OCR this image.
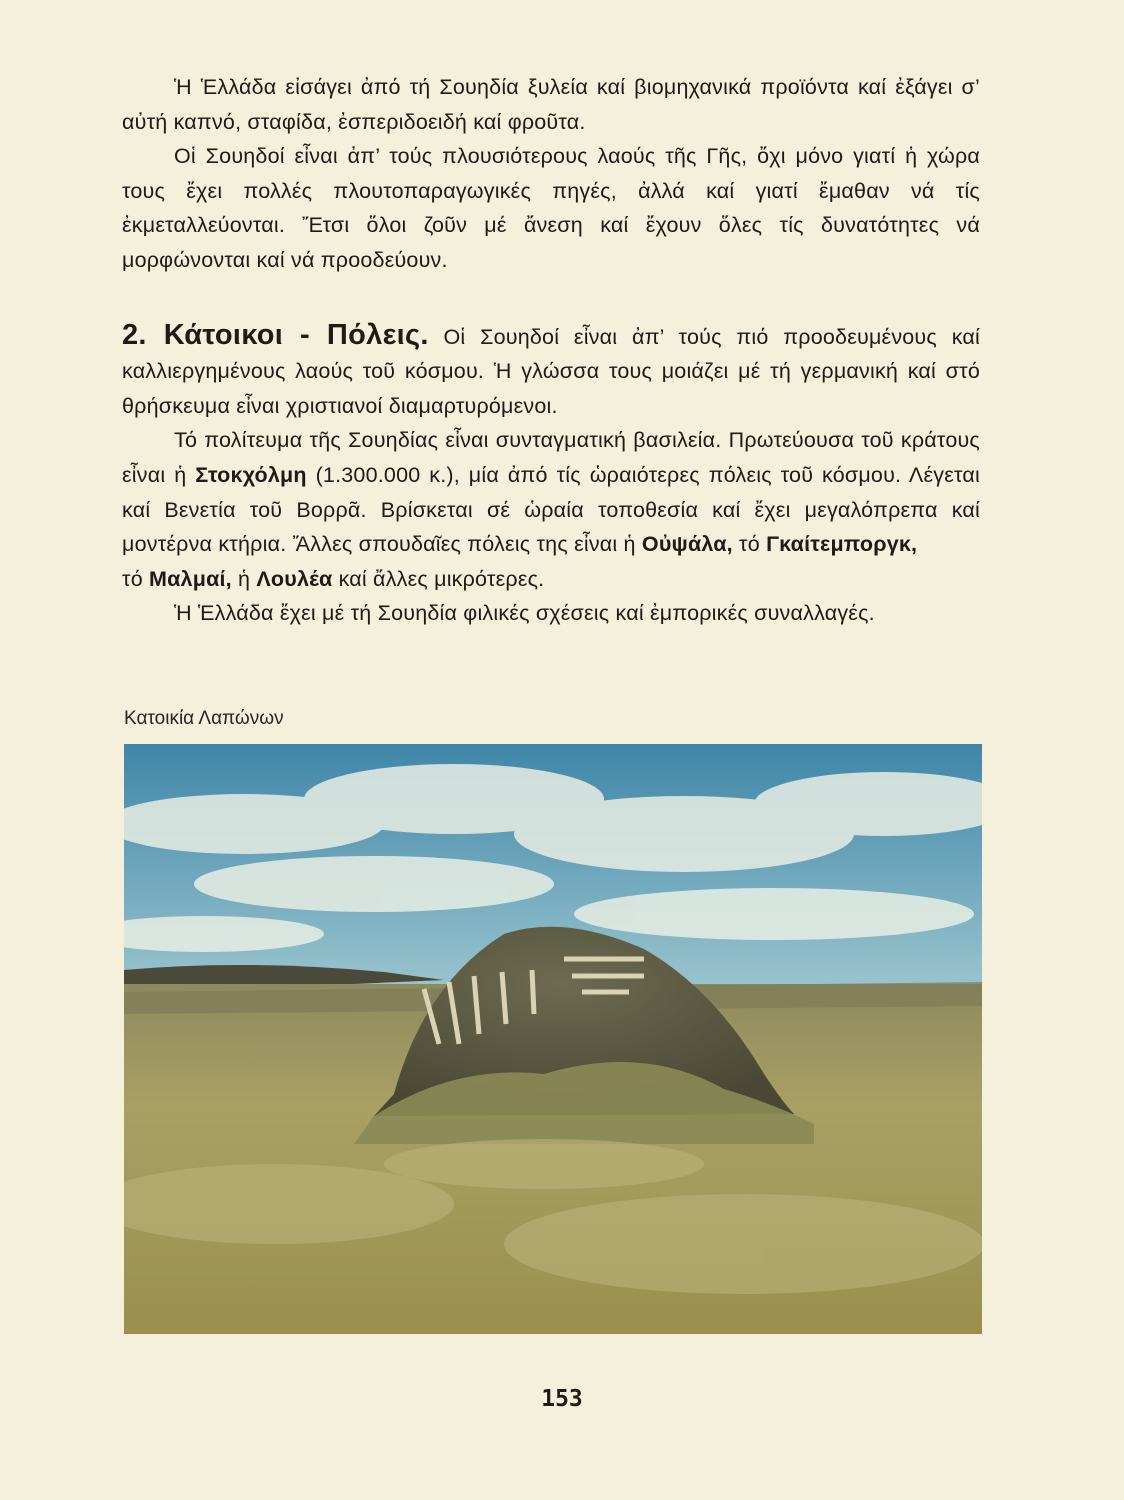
Ἡ Ἑλλάδα εἰσάγει ἀπό τή Σουηδία ξυλεία καί βιομηχανικά προϊόντα καί ἐξάγει σ’ αὐτή καπνό, σταφίδα, ἐσπεριδοειδή καί φροῦτα.

Οἱ Σουηδοί εἶναι ἀπ’ τούς πλουσιότερους λαούς τῆς Γῆς, ὄχι μόνο γιατί ἡ χώρα τους ἔχει πολλές πλουτοπαραγωγικές πηγές, ἀλλά καί γιατί ἔμαθαν νά τίς ἐκμεταλλεύονται. Ἔτσι ὅλοι ζοῦν μέ ἄνεση καί ἔχουν ὅλες τίς δυνατότητες νά μορφώνονται καί νά προοδεύουν.

2. Κάτοικοι - Πόλεις. Οἱ Σουηδοί εἶναι ἀπ’ τούς πιό προοδευμένους καί καλλιεργημένους λαούς τοῦ κόσμου. Ἡ γλώσσα τους μοιάζει μέ τή γερμανική καί στό θρήσκευμα εἶναι χριστιανοί διαμαρτυρόμενοι.

Τό πολίτευμα τῆς Σουηδίας εἶναι συνταγματική βασιλεία. Πρωτεύουσα τοῦ κράτους εἶναι ἡ Στοκχόλμη (1.300.000 κ.), μία ἀπό τίς ὡραιότερες πόλεις τοῦ κόσμου. Λέγεται καί Βενετία τοῦ Βορρᾶ. Βρίσκεται σέ ὡραία τοποθεσία καί ἔχει μεγαλόπρεπα καί μοντέρνα κτήρια. Ἄλλες σπουδαῖες πόλεις της εἶναι ἡ Οὐψάλα, τό Γκαίτεμποργκ,
τό Μαλμαί, ἡ Λουλέα καί ἄλλες μικρότερες.

Ἡ Ἑλλάδα ἔχει μέ τή Σουηδία φιλικές σχέσεις καί ἐμπορικές συναλλαγές.

Κατοικία Λαπώνων
153
